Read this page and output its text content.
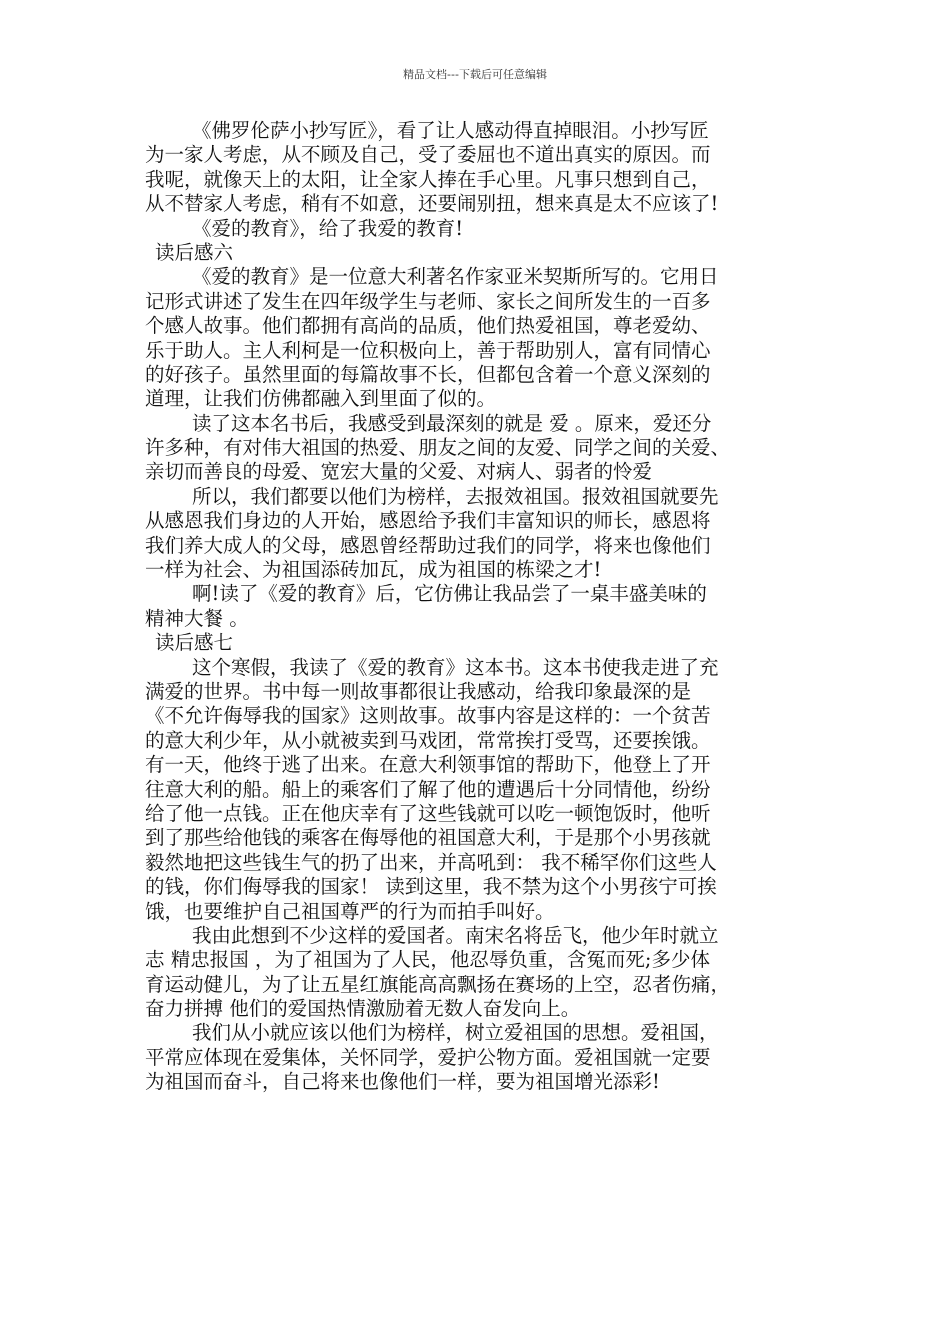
精品文档---下载后可任意编辑
《佛罗伦萨小抄写匠》，看了让人感动得直掉眼泪。小抄写匠
为一家人考虑，从不顾及自己，受了委屈也不道出真实的原因。而
我呢，就像天上的太阳，让全家人捧在手心里。凡事只想到自己，
从不替家人考虑，稍有不如意，还要闹别扭，想来真是太不应该了!
《爱的教育》，给了我爱的教育!
读后感六
《爱的教育》是一位意大利著名作家亚米契斯所写的。它用日
记形式讲述了发生在四年级学生与老师、家长之间所发生的一百多
个感人故事。他们都拥有高尚的品质，他们热爱祖国，尊老爱幼、
乐于助人。主人利柯是一位积极向上，善于帮助别人，富有同情心
的好孩子。虽然里面的每篇故事不长，但都包含着一个意义深刻的
道理，让我们仿佛都融入到里面了似的。
读了这本名书后，我感受到最深刻的就是 爱 。原来，爱还分
许多种，有对伟大祖国的热爱、朋友之间的友爱、同学之间的关爱、
亲切而善良的母爱、宽宏大量的父爱、对病人、弱者的怜爱
所以，我们都要以他们为榜样，去报效祖国。报效祖国就要先
从感恩我们身边的人开始，感恩给予我们丰富知识的师长，感恩将
我们养大成人的父母，感恩曾经帮助过我们的同学，将来也像他们
一样为社会、为祖国添砖加瓦，成为祖国的栋梁之才!
啊!读了《爱的教育》后，它仿佛让我品尝了一桌丰盛美味的
精神大餐 。
读后感七
这个寒假，我读了《爱的教育》这本书。这本书使我走进了充
满爱的世界。书中每一则故事都很让我感动，给我印象最深的是
《不允许侮辱我的国家》这则故事。故事内容是这样的：一个贫苦
的意大利少年，从小就被卖到马戏团，常常挨打受骂，还要挨饿。
有一天，他终于逃了出来。在意大利领事馆的帮助下，他登上了开
往意大利的船。船上的乘客们了解了他的遭遇后十分同情他，纷纷
给了他一点钱。正在他庆幸有了这些钱就可以吃一顿饱饭时，他听
到了那些给他钱的乘客在侮辱他的祖国意大利，于是那个小男孩就
毅然地把这些钱生气的扔了出来，并高吼到： 我不稀罕你们这些人
的钱，你们侮辱我的国家！ 读到这里，我不禁为这个小男孩宁可挨
饿，也要维护自己祖国尊严的行为而拍手叫好。
我由此想到不少这样的爱国者。南宋名将岳飞，他少年时就立
志 精忠报国 ，为了祖国为了人民，他忍辱负重，含冤而死;多少体
育运动健儿，为了让五星红旗能高高飘扬在赛场的上空，忍者伤痛，
奋力拼搏 他们的爱国热情激励着无数人奋发向上。
我们从小就应该以他们为榜样，树立爱祖国的思想。爱祖国，
平常应体现在爱集体，关怀同学，爱护公物方面。爱祖国就一定要
为祖国而奋斗，自己将来也像他们一样，要为祖国增光添彩!
